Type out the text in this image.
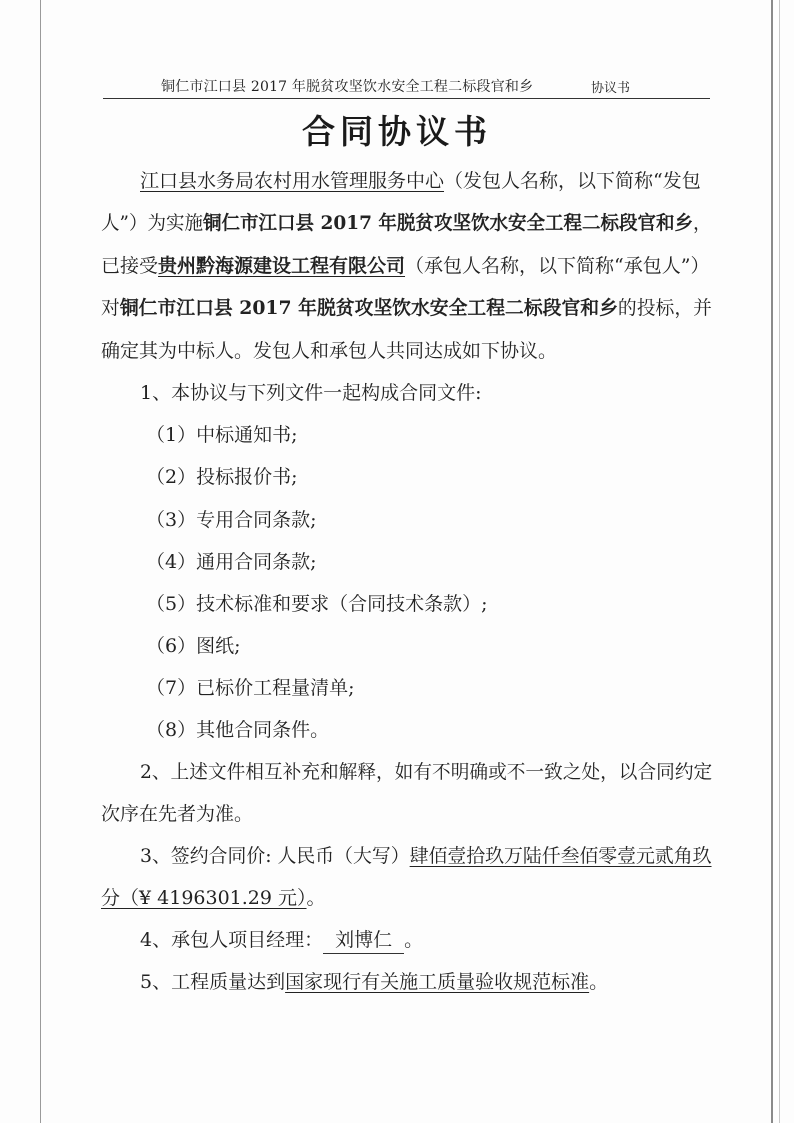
铜仁市江口县 2017 年脱贫攻坚饮水安全工程二标段官和乡	协议书
合同协议书
江口县水务局农村用水管理服务中心（发包人名称，以下简称“发包
人”）为实施铜仁市江口县 2017 年脱贫攻坚饮水安全工程二标段官和乡，
已接受贵州黔海源建设工程有限公司（承包人名称，以下简称“承包人”）
对铜仁市江口县 2017 年脱贫攻坚饮水安全工程二标段官和乡的投标，并
确定其为中标人。发包人和承包人共同达成如下协议。
1、本协议与下列文件一起构成合同文件:
（1）中标通知书;
（2）投标报价书;
（3）专用合同条款;
（4）通用合同条款;
（5）技术标准和要求（合同技术条款）;
（6）图纸;
（7）已标价工程量清单;
（8）其他合同条件。
2、上述文件相互补充和解释，如有不明确或不一致之处，以合同约定
次序在先者为准。
3、签约合同价: 人民币（大写）肆佰壹拾玖万陆仟叁佰零壹元贰角玖
分（¥ 4196301.29 元）。
4、承包人项目经理： 刘博仁 。
5、工程质量达到国家现行有关施工质量验收规范标准。
